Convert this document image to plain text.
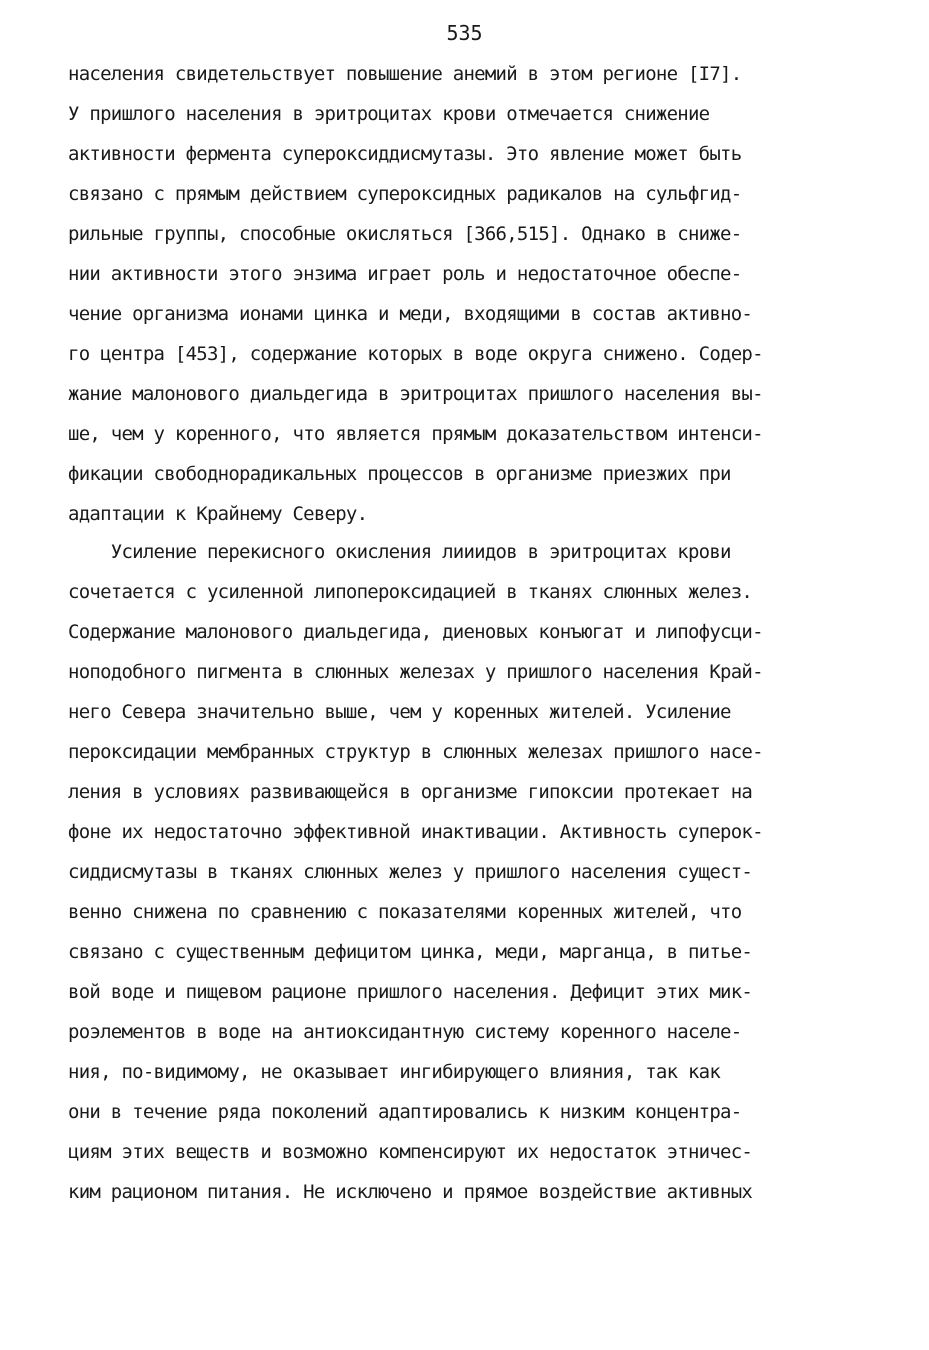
535
населения свидетельствует повышение анемий в этом регионе [I7].
У пришлого населения в эритроцитах крови отмечается снижение
активности фермента супероксиддисмутазы. Это явление может быть
связано с прямым действием супероксидных радикалов на сульфгид-
рильные группы, способные окисляться [366,515]. Однако в сниже-
нии активности этого энзима играет роль и недостаточное обеспе-
чение организма ионами цинка и меди, входящими в состав активно-
го центра [453], содержание которых в воде округа снижено. Содер-
жание малонового диальдегида в эритроцитах пришлого населения вы-
ше, чем у коренного, что является прямым доказательством интенси-
фикации свободнорадикальных процессов в организме приезжих при
адаптации к Крайнему Северу.
Усиление перекисного окисления лииидов в эритроцитах крови
сочетается с усиленной липопероксидацией в тканях слюнных желез.
Содержание малонового диальдегида, диеновых конъюгат и липофусци-
ноподобного пигмента в слюнных железах у пришлого населения Край-
него Севера значительно выше, чем у коренных жителей. Усиление
пероксидации мембранных структур в слюнных железах пришлого насе-
ления в условиях развивающейся в организме гипоксии протекает на
фоне их недостаточно эффективной инактивации. Активность суперок-
сиддисмутазы в тканях слюнных желез у пришлого населения сущест-
венно снижена по сравнению с показателями коренных жителей, что
связано с существенным дефицитом цинка, меди, марганца, в питье-
вой воде и пищевом рационе пришлого населения. Дефицит этих мик-
роэлементов в воде на антиоксидантную систему коренного населе-
ния, по-видимому, не оказывает ингибирующего влияния, так как
они в течение ряда поколений адаптировались к низким концентра-
циям этих веществ и возможно компенсируют их недостаток этничес-
ким рационом питания. Не исключено и прямое воздействие активных
